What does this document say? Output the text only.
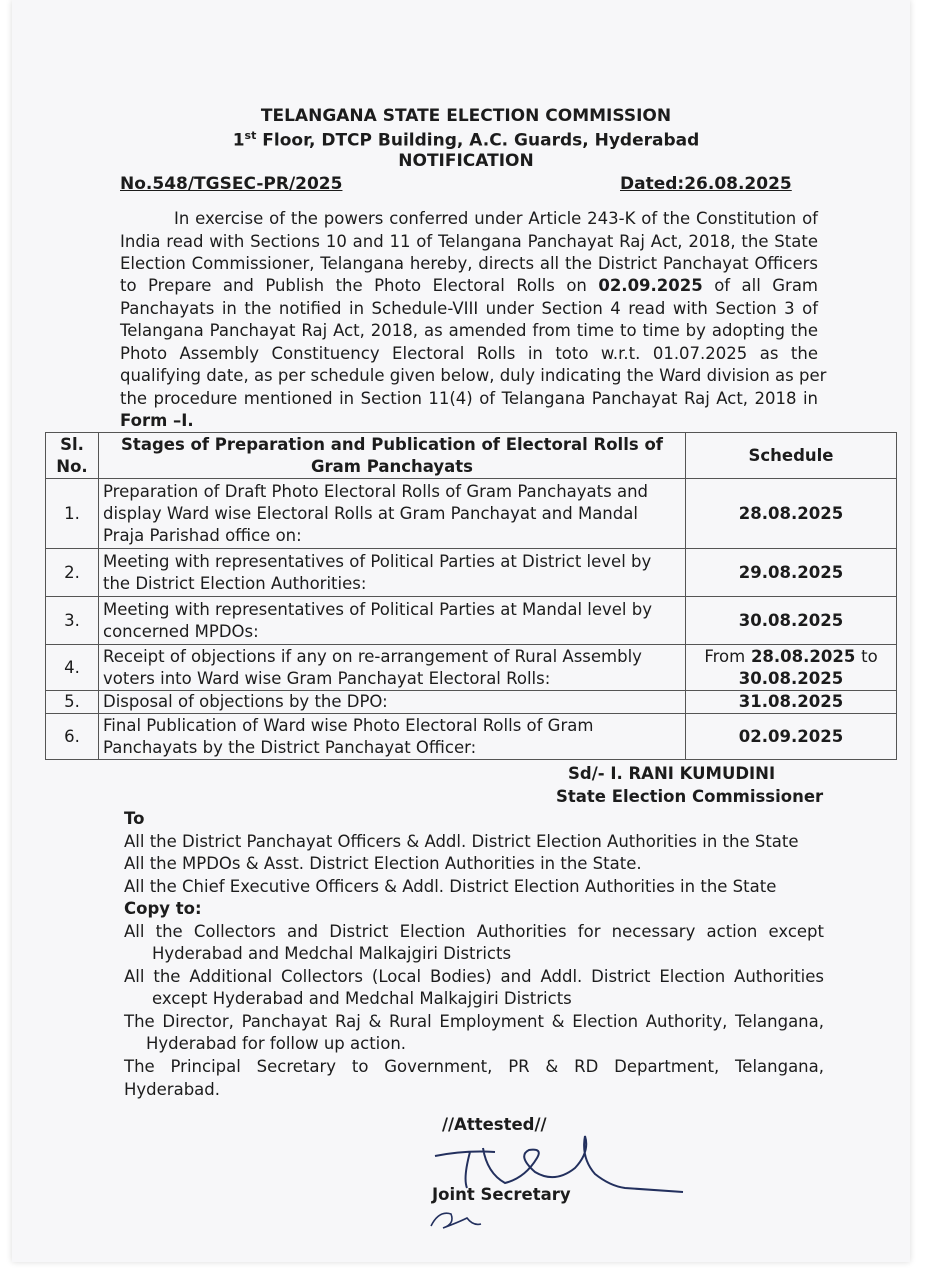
TELANGANA STATE ELECTION COMMISSION
1st Floor, DTCP Building, A.C. Guards, Hyderabad
NOTIFICATION
No.548/TGSEC-PR/2025	Dated:26.08.2025
In exercise of the powers conferred under Article 243-K of the Constitution of
India read with Sections 10 and 11 of Telangana Panchayat Raj Act, 2018, the State
Election Commissioner, Telangana hereby, directs all the District Panchayat Officers
to Prepare and Publish the Photo Electoral Rolls on 02.09.2025 of all Gram
Panchayats in the notified in Schedule-VIII under Section 4 read with Section 3 of
Telangana Panchayat Raj Act, 2018, as amended from time to time by adopting the
Photo Assembly Constituency Electoral Rolls in toto w.r.t. 01.07.2025 as the
qualifying date, as per schedule given below, duly indicating the Ward division as per
the procedure mentioned in Section 11(4) of Telangana Panchayat Raj Act, 2018 in
Form –I.
Sl. No.	Stages of Preparation and Publication of Electoral Rolls of Gram Panchayats	Schedule
1.	Preparation of Draft Photo Electoral Rolls of Gram Panchayats and display Ward wise Electoral Rolls at Gram Panchayat and Mandal Praja Parishad office on:	28.08.2025
2.	Meeting with representatives of Political Parties at District level by the District Election Authorities:	29.08.2025
3.	Meeting with representatives of Political Parties at Mandal level by concerned MPDOs:	30.08.2025
4.	Receipt of objections if any on re-arrangement of Rural Assembly voters into Ward wise Gram Panchayat Electoral Rolls:	From 28.08.2025 to
30.08.2025
5.	Disposal of objections by the DPO:	31.08.2025
6.	Final Publication of Ward wise Photo Electoral Rolls of Gram Panchayats by the District Panchayat Officer:	02.09.2025
Sd/- I. RANI KUMUDINI
State Election Commissioner
To
All the District Panchayat Officers & Addl. District Election Authorities in the State
All the MPDOs & Asst. District Election Authorities in the State.
All the Chief Executive Officers & Addl. District Election Authorities in the State
Copy to:
All the Collectors and District Election Authorities for necessary action except
Hyderabad and Medchal Malkajgiri Districts
All the Additional Collectors (Local Bodies) and Addl. District Election Authorities
except Hyderabad and Medchal Malkajgiri Districts
The Director, Panchayat Raj & Rural Employment & Election Authority, Telangana,
Hyderabad for follow up action.
The Principal Secretary to Government, PR & RD Department, Telangana,
Hyderabad.
//Attested//
Joint Secretary
